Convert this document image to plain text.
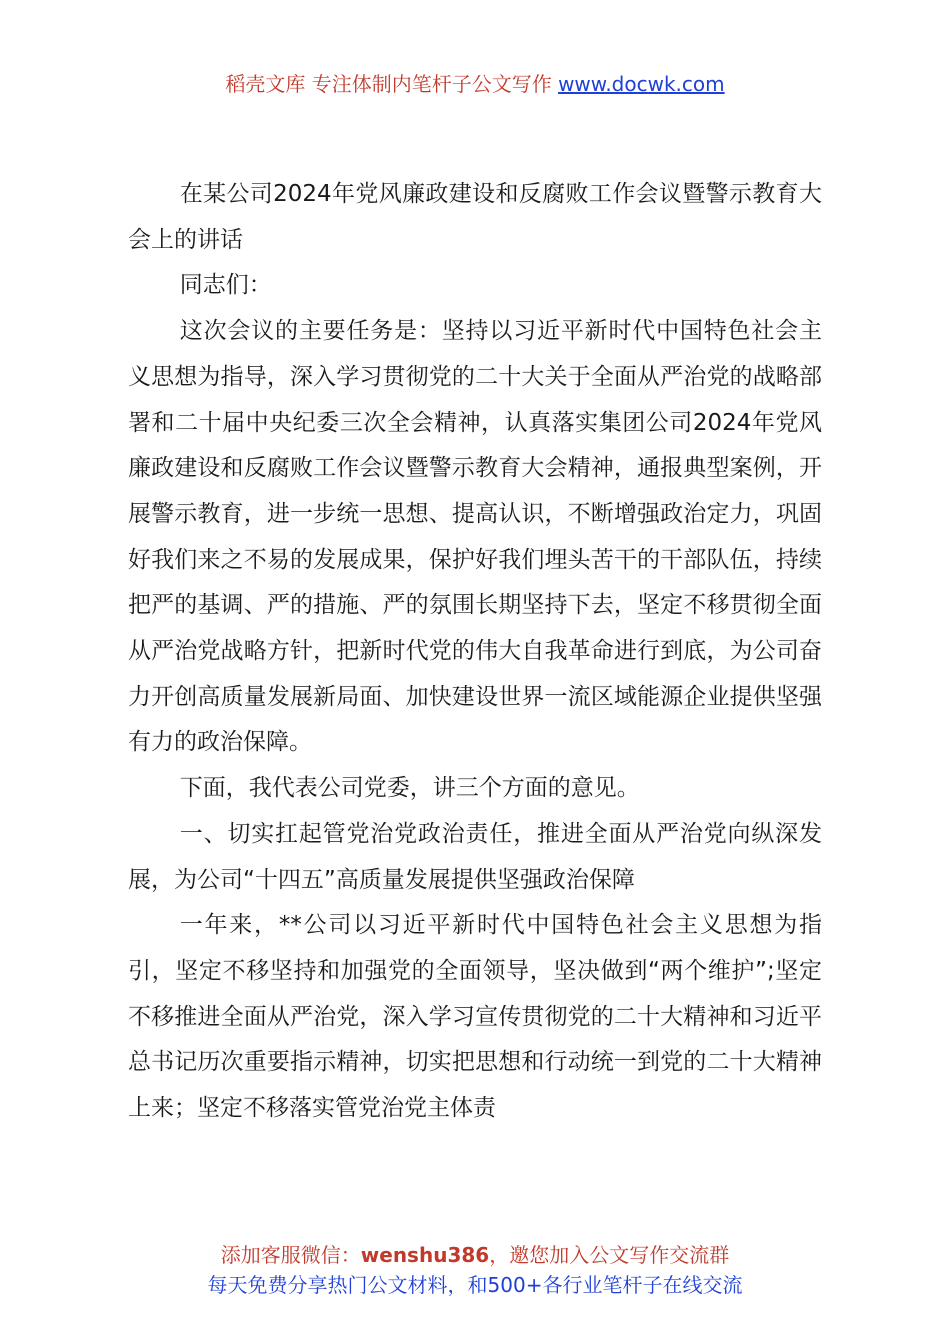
稻壳文库 专注体制内笔杆子公文写作 www.docwk.com

在某公司2024年党风廉政建设和反腐败工作会议暨警示教育大会上的讲话

同志们：

这次会议的主要任务是：坚持以习近平新时代中国特色社会主义思想为指导，深入学习贯彻党的二十大关于全面从严治党的战略部署和二十届中央纪委三次全会精神，认真落实集团公司2024年党风廉政建设和反腐败工作会议暨警示教育大会精神，通报典型案例，开展警示教育，进一步统一思想、提高认识，不断增强政治定力，巩固好我们来之不易的发展成果，保护好我们埋头苦干的干部队伍，持续把严的基调、严的措施、严的氛围长期坚持下去，坚定不移贯彻全面从严治党战略方针，把新时代党的伟大自我革命进行到底，为公司奋力开创高质量发展新局面、加快建设世界一流区域能源企业提供坚强有力的政治保障。

下面，我代表公司党委，讲三个方面的意见。

一、切实扛起管党治党政治责任，推进全面从严治党向纵深发展，为公司“十四五”高质量发展提供坚强政治保障

一年来，**公司以习近平新时代中国特色社会主义思想为指引，坚定不移坚持和加强党的全面领导，坚决做到“两个维护”;坚定不移推进全面从严治党，深入学习宣传贯彻党的二十大精神和习近平总书记历次重要指示精神，切实把思想和行动统一到党的二十大精神上来；坚定不移落实管党治党主体责

添加客服微信：wenshu386，邀您加入公文写作交流群
每天免费分享热门公文材料，和500+各行业笔杆子在线交流
